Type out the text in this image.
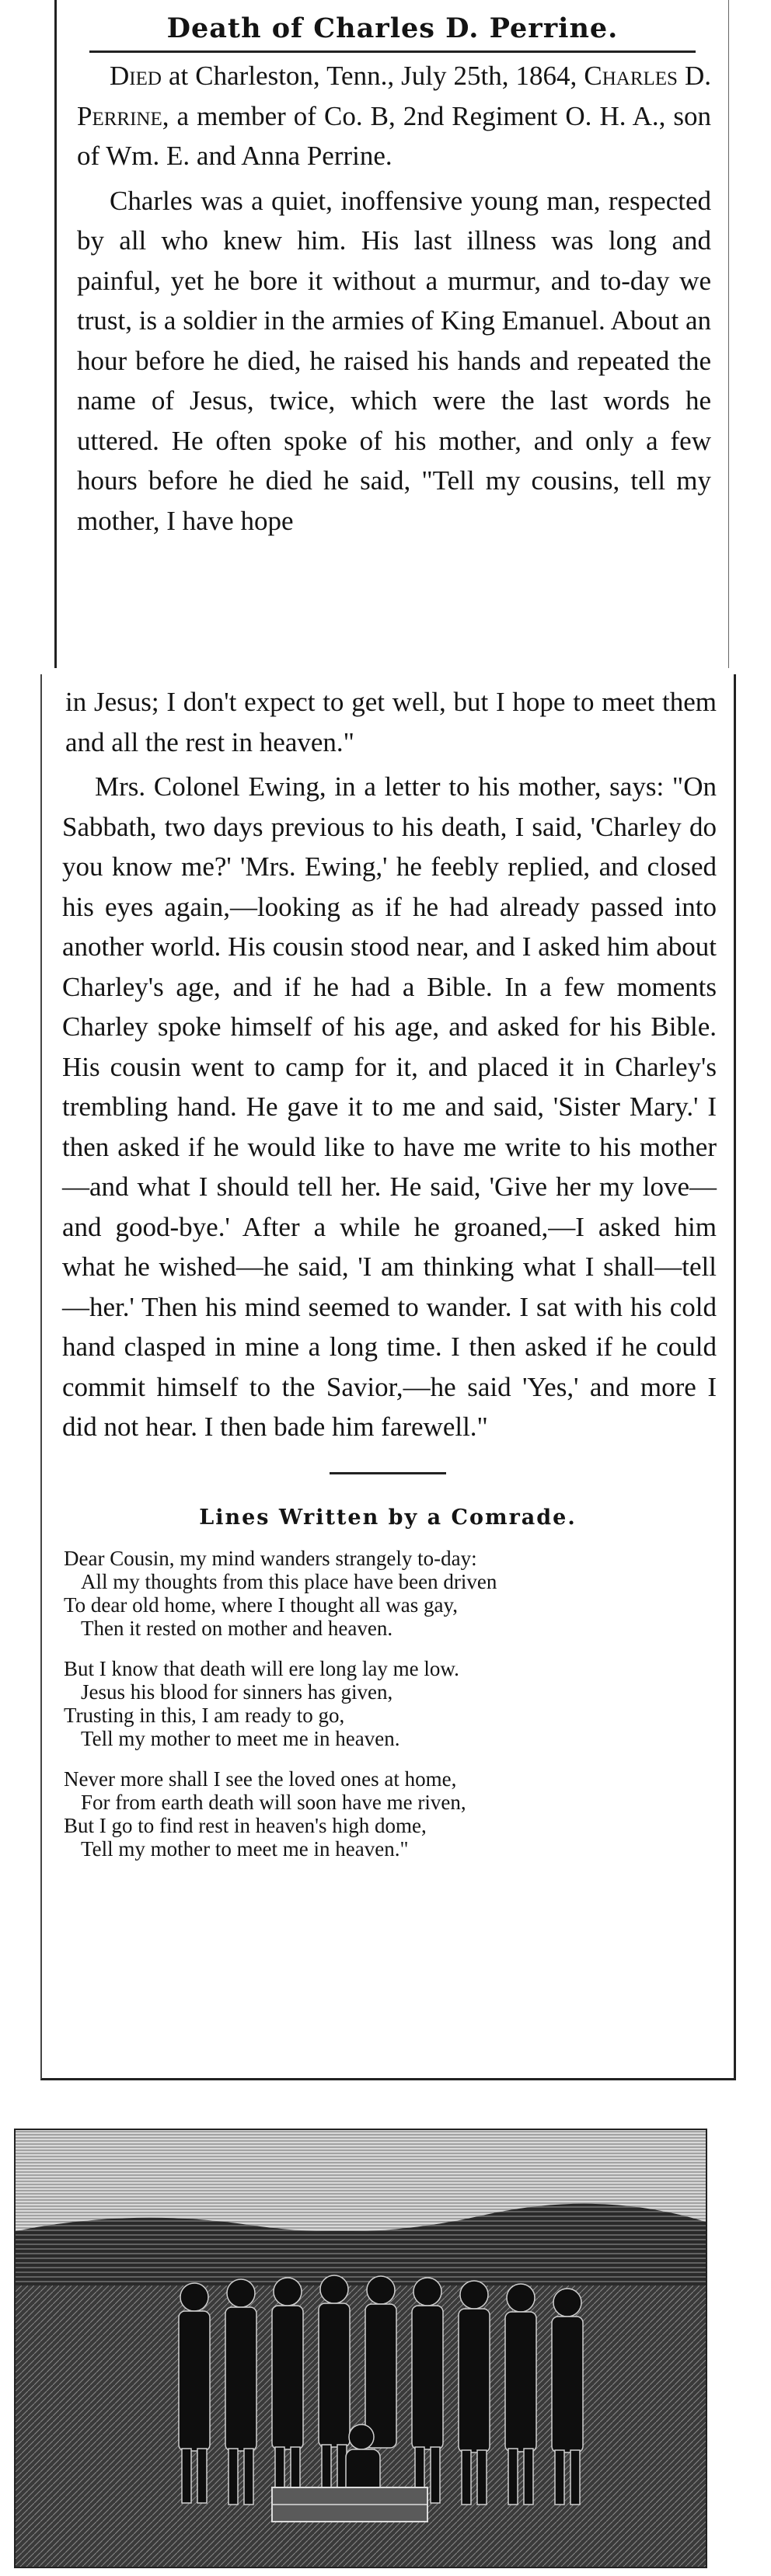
Death of Charles D. Perrine.

Died at Charleston, Tenn., July 25th, 1864, Charles D. Perrine, a member of Co. B, 2nd Regiment O. H. A., son of Wm. E. and Anna Perrine.

Charles was a quiet, inoffensive young man, respected by all who knew him. His last illness was long and painful, yet he bore it without a murmur, and to-day we trust, is a soldier in the armies of King Emanuel. About an hour before he died, he raised his hands and repeated the name of Jesus, twice, which were the last words he uttered. He often spoke of his mother, and only a few hours before he died he said, "Tell my cousins, tell my mother, I have hope

in Jesus; I don't expect to get well, but I hope to meet them and all the rest in heaven."

Mrs. Colonel Ewing, in a letter to his mother, says: "On Sabbath, two days previous to his death, I said, 'Charley do you know me?' 'Mrs. Ewing,' he feebly replied, and closed his eyes again,—looking as if he had already passed into another world. His cousin stood near, and I asked him about Charley's age, and if he had a Bible. In a few moments Charley spoke himself of his age, and asked for his Bible. His cousin went to camp for it, and placed it in Charley's trembling hand. He gave it to me and said, 'Sister Mary.' I then asked if he would like to have me write to his mother—and what I should tell her. He said, 'Give her my love—and good-bye.' After a while he groaned,—I asked him what he wished—he said, 'I am thinking what I shall—tell—her.' Then his mind seemed to wander. I sat with his cold hand clasped in mine a long time. I then asked if he could commit himself to the Savior,—he said 'Yes,' and more I did not hear. I then bade him farewell."

Lines Written by a Comrade.
Dear Cousin, my mind wanders strangely to-day:
All my thoughts from this place have been driven
To dear old home, where I thought all was gay,
Then it rested on mother and heaven.
But I know that death will ere long lay me low.
Jesus his blood for sinners has given,
Trusting in this, I am ready to go,
Tell my mother to meet me in heaven.
Never more shall I see the loved ones at home,
For from earth death will soon have me riven,
But I go to find rest in heaven's high dome,
Tell my mother to meet me in heaven."
